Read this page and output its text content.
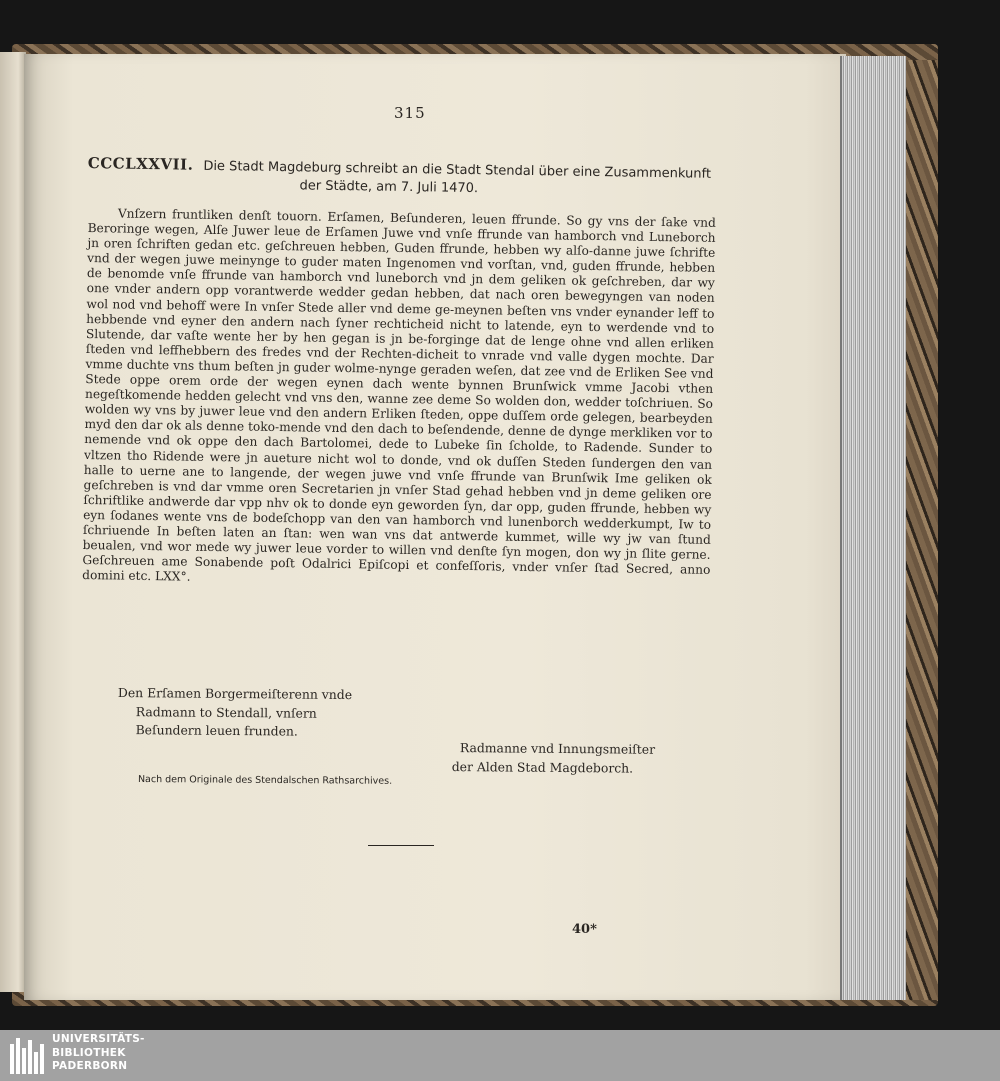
315
CCCLXXVII. Die Stadt Magdeburg schreibt an die Stadt Stendal über eine Zusammenkunft
der Städte, am 7. Juli 1470.

Vnſzern fruntliken denſt touorn. Erſamen, Beſunderen, leuen ffrunde. So gy vns der ſake vnd Beroringe wegen, Alſe Juwer leue de Erſamen Juwe vnd vnſe ffrunde van hamborch vnd Luneborch jn oren ſchriften gedan etc. geſchreuen hebben, Guden ffrunde, hebben wy alſo-danne juwe ſchrifte vnd der wegen juwe meinynge to guder maten Ingenomen vnd vorſtan, vnd, guden ffrunde, hebben de benomde vnſe ffrunde van hamborch vnd luneborch vnd jn dem geliken ok geſchreben, dar wy one vnder andern opp vorantwerde wedder gedan hebben, dat nach oren bewegyngen van noden wol nod vnd behoff were In vnſer Stede aller vnd deme ge-meynen beſten vns vnder eynander leff to hebbende vnd eyner den andern nach ſyner rechticheid nicht to latende, eyn to werdende vnd to Slutende, dar vaſte wente her by hen gegan is jn be-forginge dat de lenge ohne vnd allen erliken ſteden vnd leffhebbern des fredes vnd der Rechten-dicheit to vnrade vnd valle dygen mochte. Dar vmme duchte vns thum beſten jn guder wolme-nynge geraden weſen, dat zee vnd de Erliken See vnd Stede oppe orem orde der wegen eynen dach wente bynnen Brunſwick vmme Jacobi vthen negeſtkomende hedden gelecht vnd vns den, wanne zee deme So wolden don, wedder toſchriuen. So wolden wy vns by juwer leue vnd den andern Erliken ſteden, oppe duſſem orde gelegen, bearbeyden myd den dar ok als denne toko-mende vnd den dach to beſendende, denne de dynge merkliken vor to nemende vnd ok oppe den dach Bartolomei, dede to Lubeke ſin ſcholde, to Radende. Sunder to vltzen tho Ridende were jn aueture nicht wol to donde, vnd ok duſſen Steden ſundergen den van halle to uerne ane to langende, der wegen juwe vnd vnſe ffrunde van Brunſwik Ime geliken ok geſchreben is vnd dar vmme oren Secretarien jn vnſer Stad gehad hebben vnd jn deme geliken ore ſchriftlike andwerde dar vpp nhv ok to donde eyn geworden ſyn, dar opp, guden ffrunde, hebben wy eyn ſodanes wente vns de bodeſchopp van den van hamborch vnd lunenborch wedderkumpt, Iw to ſchriuende In beſten laten an ſtan: wen wan vns dat antwerde kummet, wille wy jw van ſtund beualen, vnd wor mede wy juwer leue vorder to willen vnd denſte ſyn mogen, don wy jn ſlite gerne. Geſchreuen ame Sonabende poſt Odalrici Epiſcopi et confeſſoris, vnder vnſer ſtad Secred, anno domini etc. LXX°.

Den Erſamen Borgermeiſterenn vnde
Radmann to Stendall, vnſern
Beſundern leuen frunden.
Radmanne vnd Innungsmeiſter
der Alden Stad Magdeborch.
Nach dem Originale des Stendalschen Rathsarchives.
40*
UNIVERSITÄTS-
BIBLIOTHEK
PADERBORN
